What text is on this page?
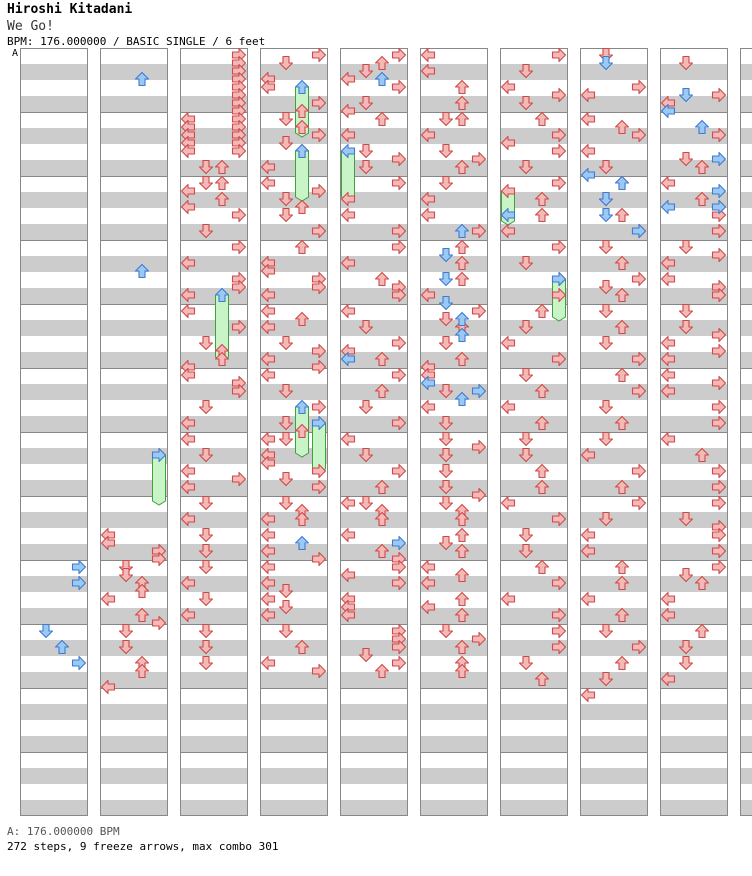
Hiroshi Kitadani
We Go!
BPM: 176.000000 / BASIC SINGLE / 6 feet
A
A: 176.000000 BPM
272 steps, 9 freeze arrows, max combo 301
